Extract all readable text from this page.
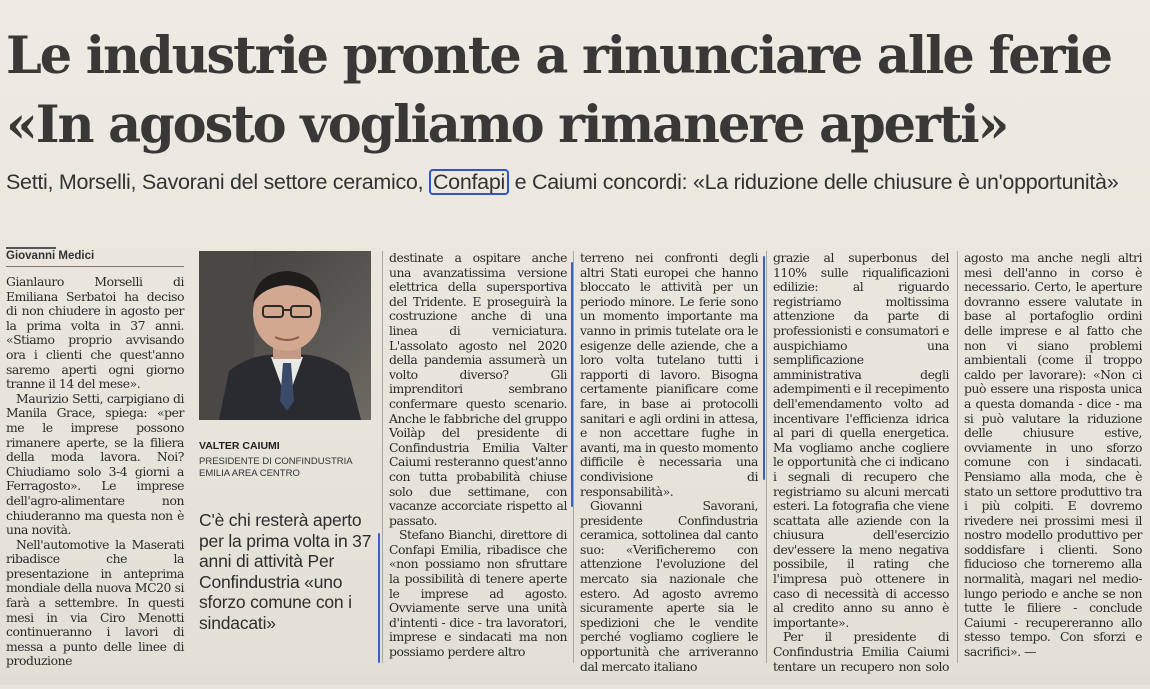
Le industrie pronte a rinunciare alle ferie
«In agosto vogliamo rimanere aperti»
Setti, Morselli, Savorani del settore ceramico, Confapi e Caiumi concordi: «La riduzione delle chiusure è un'opportunità»
Giovanni Medici

Gianlauro Morselli di Emiliana Serbatoi ha deciso di non chiudere in agosto per la prima volta in 37 anni. «Stiamo proprio avvisando ora i clienti che quest'anno saremo aperti ogni giorno tranne il 14 del mese».

Maurizio Setti, carpigiano di Manila Grace, spiega: «per me le imprese possono rimanere aperte, se la filiera della moda lavora. Noi? Chiudiamo solo 3-4 giorni a Ferragosto». Le imprese dell'agro-alimentare non chiuderanno ma questa non è una novità.

Nell'automotive la Maserati ribadisce che la presentazione in anteprima mondiale della nuova MC20 si farà a settembre. In questi mesi in via Ciro Menotti continueranno i lavori di messa a punto delle linee di produzione

VALTER CAIUMI
PRESIDENTE DI CONFINDUSTRIA EMILIA AREA CENTRO
C'è chi resterà aperto per la prima volta in 37 anni di attività Per Confindustria «uno sforzo comune con i sindacati»

destinate a ospitare anche una avanzatissima versione elettrica della supersportiva del Tridente. E proseguirà la costruzione anche di una linea di verniciatura. L'assolato agosto nel 2020 della pandemia assumerà un volto diverso? Gli imprenditori sembrano confermare questo scenario. Anche le fabbriche del gruppo Voilàp del presidente di Confindustria Emilia Valter Caiumi resteranno quest'anno con tutta probabilità chiuse solo due settimane, con vacanze accorciate rispetto al passato.

Stefano Bianchi, direttore di Confapi Emilia, ribadisce che «non possiamo non sfruttare la possibilità di tenere aperte le imprese ad agosto. Ovviamente serve una unità d'intenti - dice - tra lavoratori, imprese e sindacati ma non possiamo perdere altro

terreno nei confronti degli altri Stati europei che hanno bloccato le attività per un periodo minore. Le ferie sono un momento importante ma vanno in primis tutelate ora le esigenze delle aziende, che a loro volta tutelano tutti i rapporti di lavoro. Bisogna certamente pianificare come fare, in base ai protocolli sanitari e agli ordini in attesa, e non accettare fughe in avanti, ma in questo momento difficile è necessaria una condivisione di responsabilità».

Giovanni Savorani, presidente Confindustria ceramica, sottolinea dal canto suo: «Verificheremo con attenzione l'evoluzione del mercato sia nazionale che estero. Ad agosto avremo sicuramente aperte sia le spedizioni che le vendite perché vogliamo cogliere le opportunità che arriveranno dal mercato italiano

grazie al superbonus del 110% sulle riqualificazioni edilizie: al riguardo registriamo moltissima attenzione da parte di professionisti e consumatori e auspichiamo una semplificazione amministrativa degli adempimenti e il recepimento dell'emendamento volto ad incentivare l'efficienza idrica al pari di quella energetica. Ma vogliamo anche cogliere le opportunità che ci indicano i segnali di recupero che registriamo su alcuni mercati esteri. La fotografia che viene scattata alle aziende con la chiusura dell'esercizio dev'essere la meno negativa possibile, il rating che l'impresa può ottenere in caso di necessità di accesso al credito anno su anno è importante».

Per il presidente di Confindustria Emilia Caiumi tentare un recupero non solo

agosto ma anche negli altri mesi dell'anno in corso è necessario. Certo, le aperture dovranno essere valutate in base al portafoglio ordini delle imprese e al fatto che non vi siano problemi ambientali (come il troppo caldo per lavorare): «Non ci può essere una risposta unica a questa domanda - dice - ma si può valutare la riduzione delle chiusure estive, ovviamente in uno sforzo comune con i sindacati. Pensiamo alla moda, che è stato un settore produttivo tra i più colpiti. E dovremo rivedere nei prossimi mesi il nostro modello produttivo per soddisfare i clienti. Sono fiducioso che torneremo alla normalità, magari nel medio-lungo periodo e anche se non tutte le filiere - conclude Caiumi - recupereranno allo stesso tempo. Con sforzi e sacrifici». —
